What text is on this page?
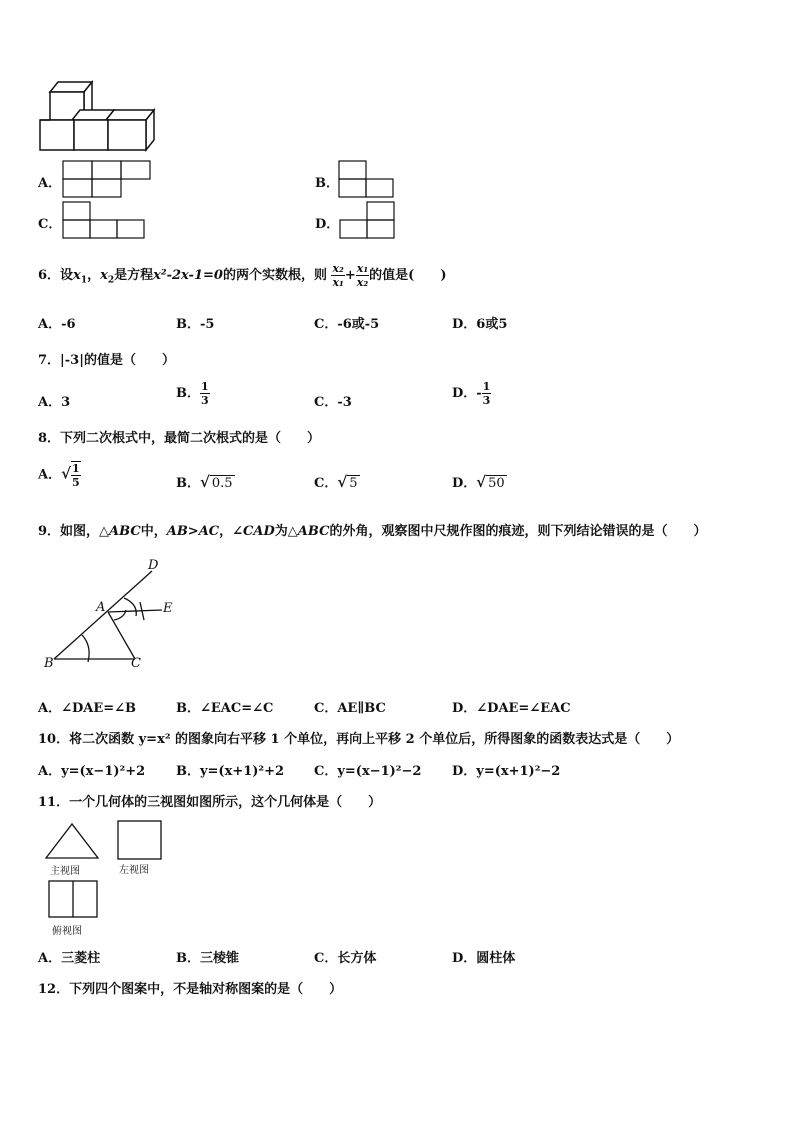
A．	B．
C．	D．
6．设$x_1$，$x_2$是方程x²-2x-1=0的两个实数根，则 $\frac{\text{x₂}}{\text{x₁}} + \frac{\text{x₁}}{\text{x₂}}$ 的值是(　　)
A．-6	B．-5	C．-6或-5	D．6或5
7．|-3|的值是（　　）
A．3
B． $\frac{1}{3}$	C．-3
D．- $\frac{1}{3}$
8．下列二次根式中，最简二次根式的是（　　）
A．√ $\frac{1}{5}$	B．√ 0.5	C．√ 5	D．√ 50
9．如图，△ABC中，AB>AC，∠CAD为△ABC的外角，观察图中尺规作图的痕迹，则下列结论错误的是（　　）
D
A	E
B	C
A．∠DAE=∠B	B．∠EAC=∠C	C．AE∥BC	D．∠DAE=∠EAC
10．将二次函数 y=x² 的图象向右平移 1 个单位，再向上平移 2 个单位后，所得图象的函数表达式是（　　）
A．y=(x−1)²+2 B．y=(x+1)²+2 C．y=(x−1)²−2 D．y=(x+1)²−2
11．一个几何体的三视图如图所示，这个几何体是（　　）
主视图	左视图
俯视图
A．三菱柱	B．三棱锥	C．长方体	D．圆柱体
12．下列四个图案中，不是轴对称图案的是（　　）
